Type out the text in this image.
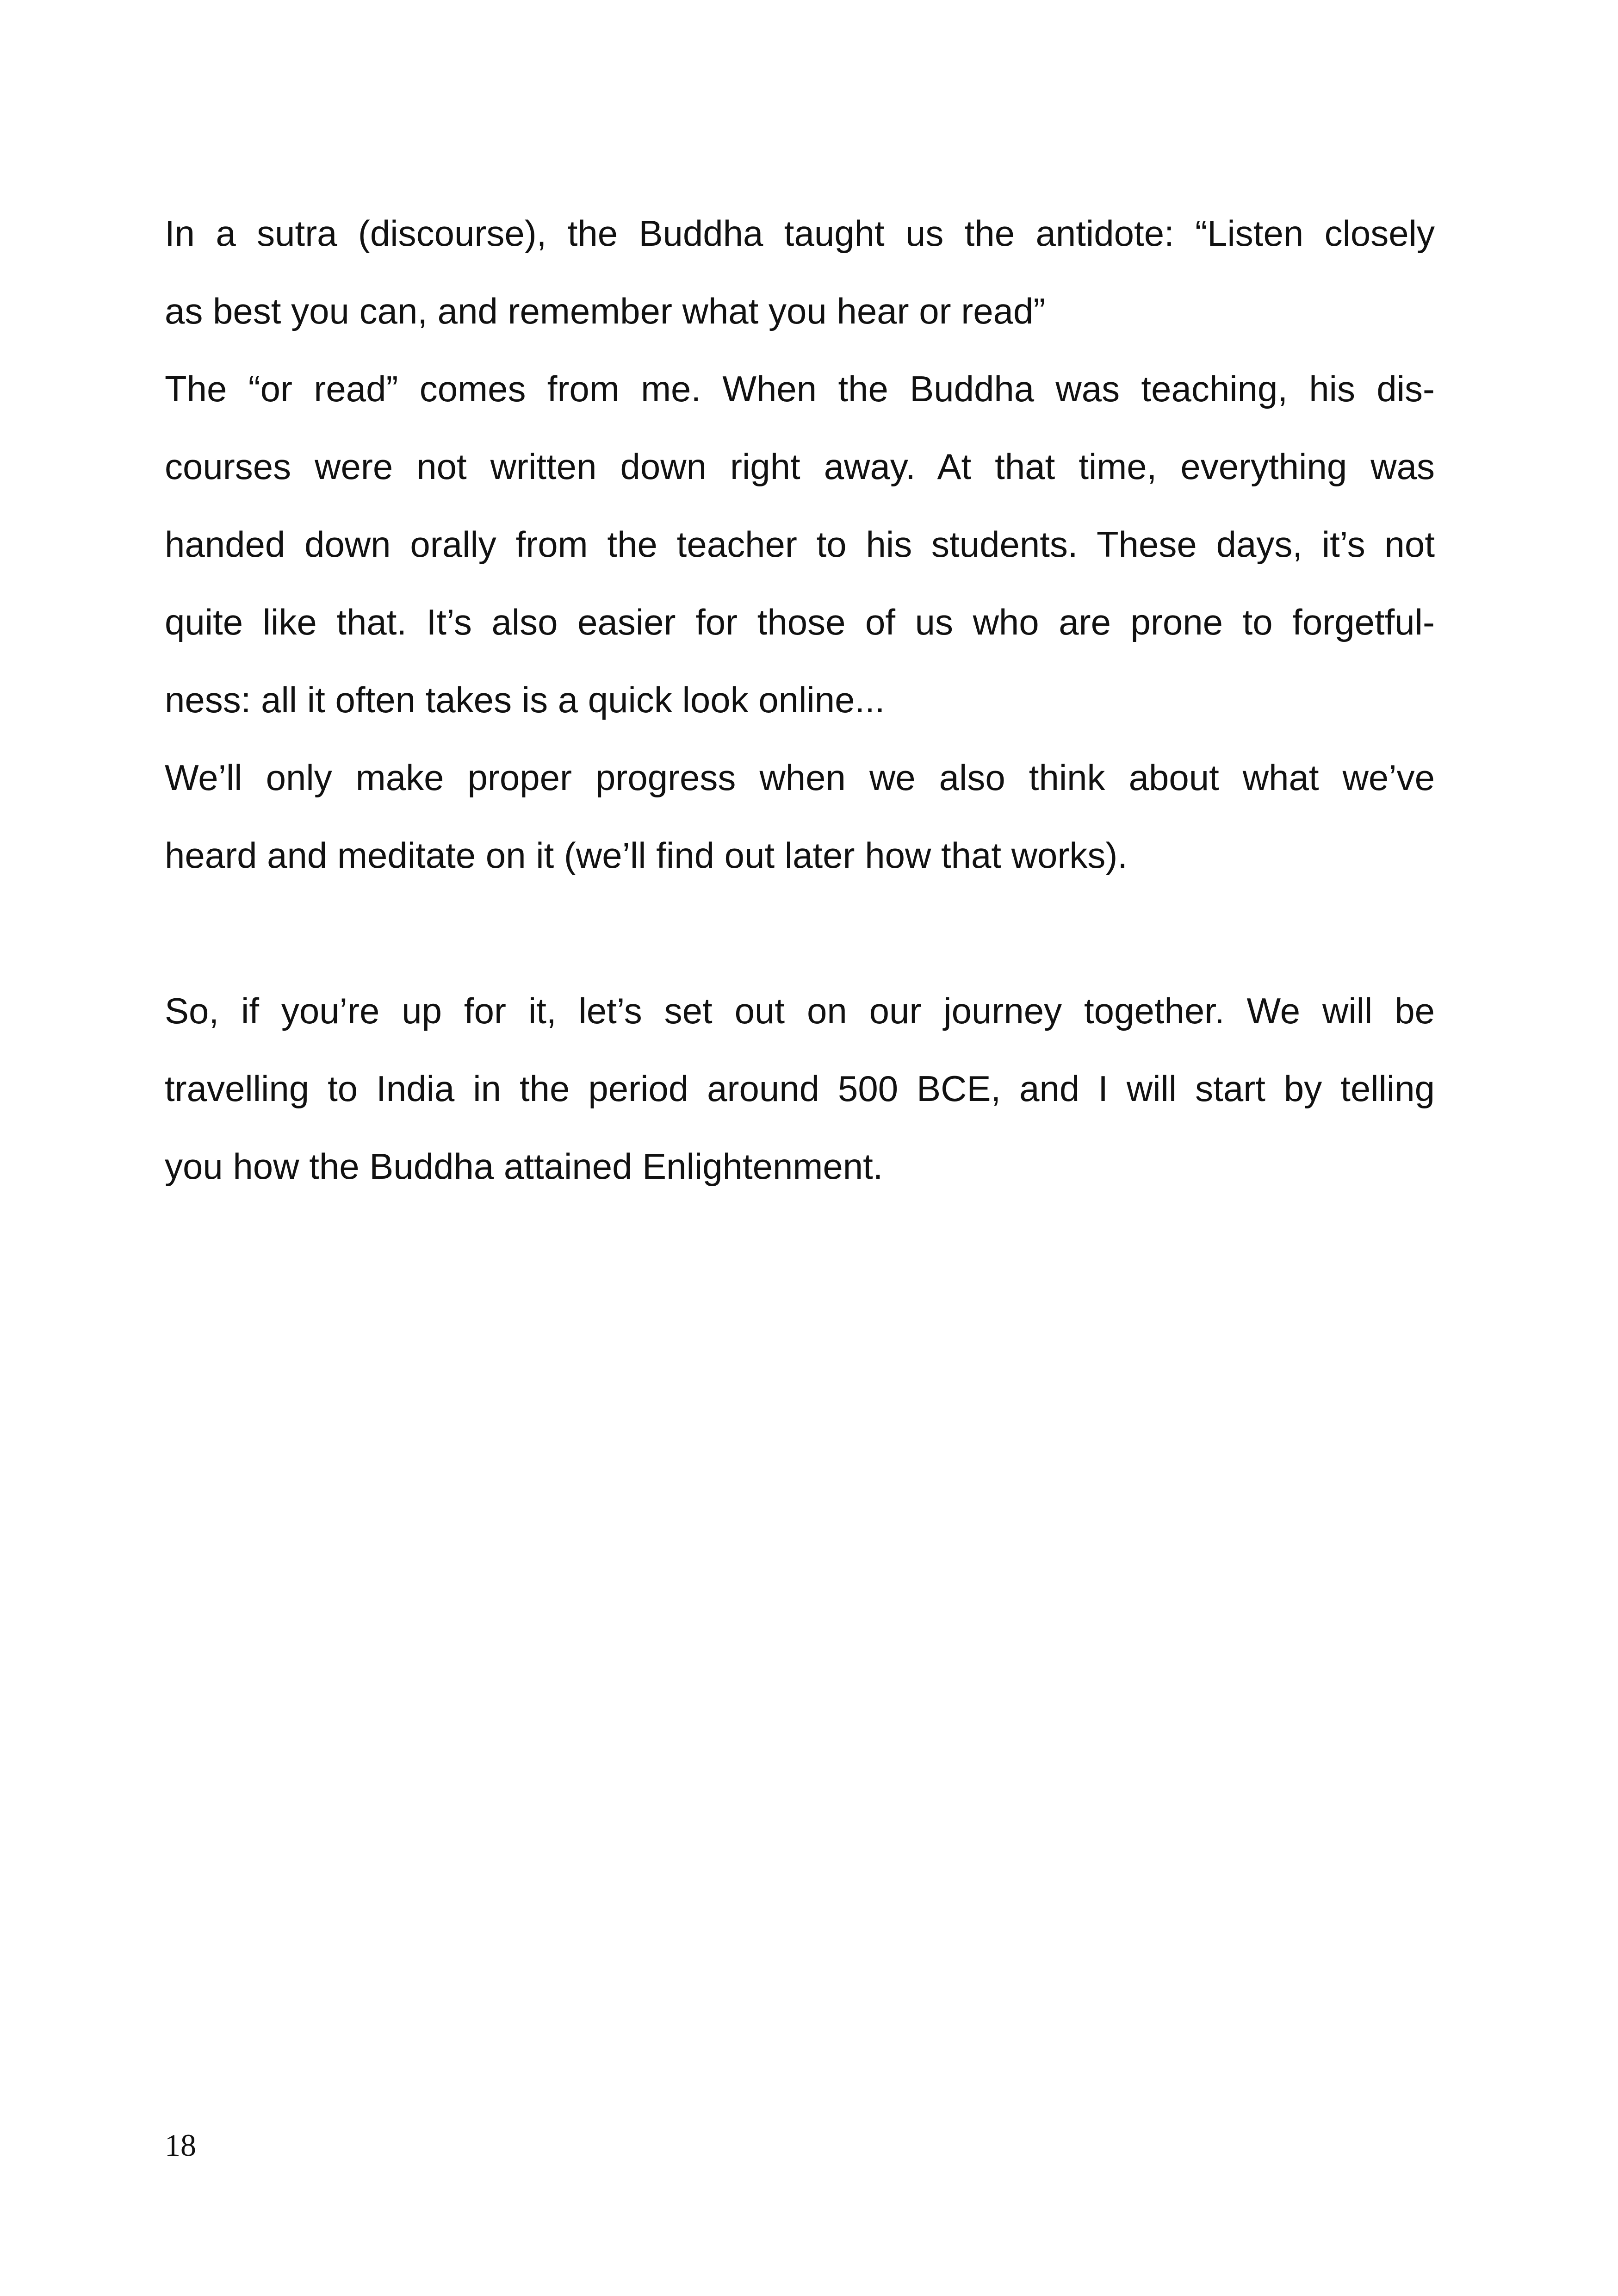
In a sutra (discourse), the Buddha taught us the antidote: “Listen closely
as best you can, and remember what you hear or read”
The “or read” comes from me. When the Buddha was teaching, his dis-
courses were not written down right away. At that time, everything was
handed down orally from the teacher to his students. These days, it’s not
quite like that. It’s also easier for those of us who are prone to forgetful-
ness: all it often takes is a quick look online...
We’ll only make proper progress when we also think about what we’ve
heard and meditate on it (we’ll find out later how that works).
So, if you’re up for it, let’s set out on our journey together. We will be
travelling to India in the period around 500 BCE, and I will start by telling
you how the Buddha attained Enlightenment.
18
